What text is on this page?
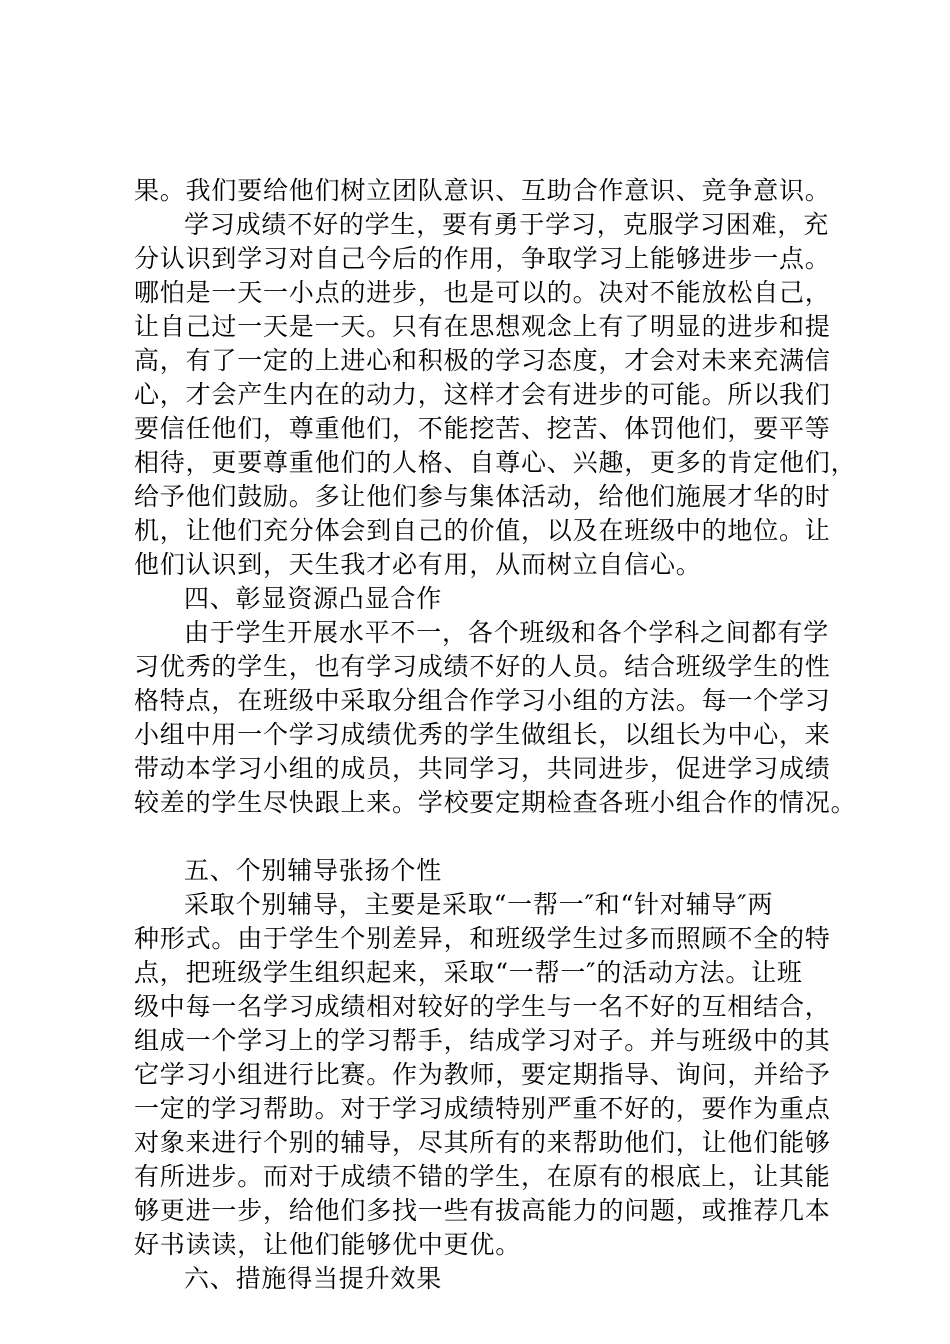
果。我们要给他们树立团队意识、互助合作意识、竞争意识。
学习成绩不好的学生，要有勇于学习，克服学习困难，充
分认识到学习对自己今后的作用，争取学习上能够进步一点。
哪怕是一天一小点的进步，也是可以的。决对不能放松自己，
让自己过一天是一天。只有在思想观念上有了明显的进步和提
高，有了一定的上进心和积极的学习态度，才会对未来充满信
心，才会产生内在的动力，这样才会有进步的可能。所以我们
要信任他们，尊重他们，不能挖苦、挖苦、体罚他们，要平等
相待，更要尊重他们的人格、自尊心、兴趣，更多的肯定他们，
给予他们鼓励。多让他们参与集体活动，给他们施展才华的时
机，让他们充分体会到自己的价值，以及在班级中的地位。让
他们认识到，天生我才必有用，从而树立自信心。
四、彰显资源凸显合作
由于学生开展水平不一，各个班级和各个学科之间都有学
习优秀的学生，也有学习成绩不好的人员。结合班级学生的性
格特点，在班级中采取分组合作学习小组的方法。每一个学习
小组中用一个学习成绩优秀的学生做组长，以组长为中心，来
带动本学习小组的成员，共同学习，共同进步，促进学习成绩
较差的学生尽快跟上来。学校要定期检查各班小组合作的情况。
五、个别辅导张扬个性
采取个别辅导，主要是采取“一帮一″和“针对辅导″两
种形式。由于学生个别差异，和班级学生过多而照顾不全的特
点，把班级学生组织起来，采取“一帮一″的活动方法。让班
级中每一名学习成绩相对较好的学生与一名不好的互相结合，
组成一个学习上的学习帮手，结成学习对子。并与班级中的其
它学习小组进行比赛。作为教师，要定期指导、询问，并给予
一定的学习帮助。对于学习成绩特别严重不好的，要作为重点
对象来进行个别的辅导，尽其所有的来帮助他们，让他们能够
有所进步。而对于成绩不错的学生，在原有的根底上，让其能
够更进一步，给他们多找一些有拔高能力的问题，或推荐几本
好书读读，让他们能够优中更优。
六、措施得当提升效果
